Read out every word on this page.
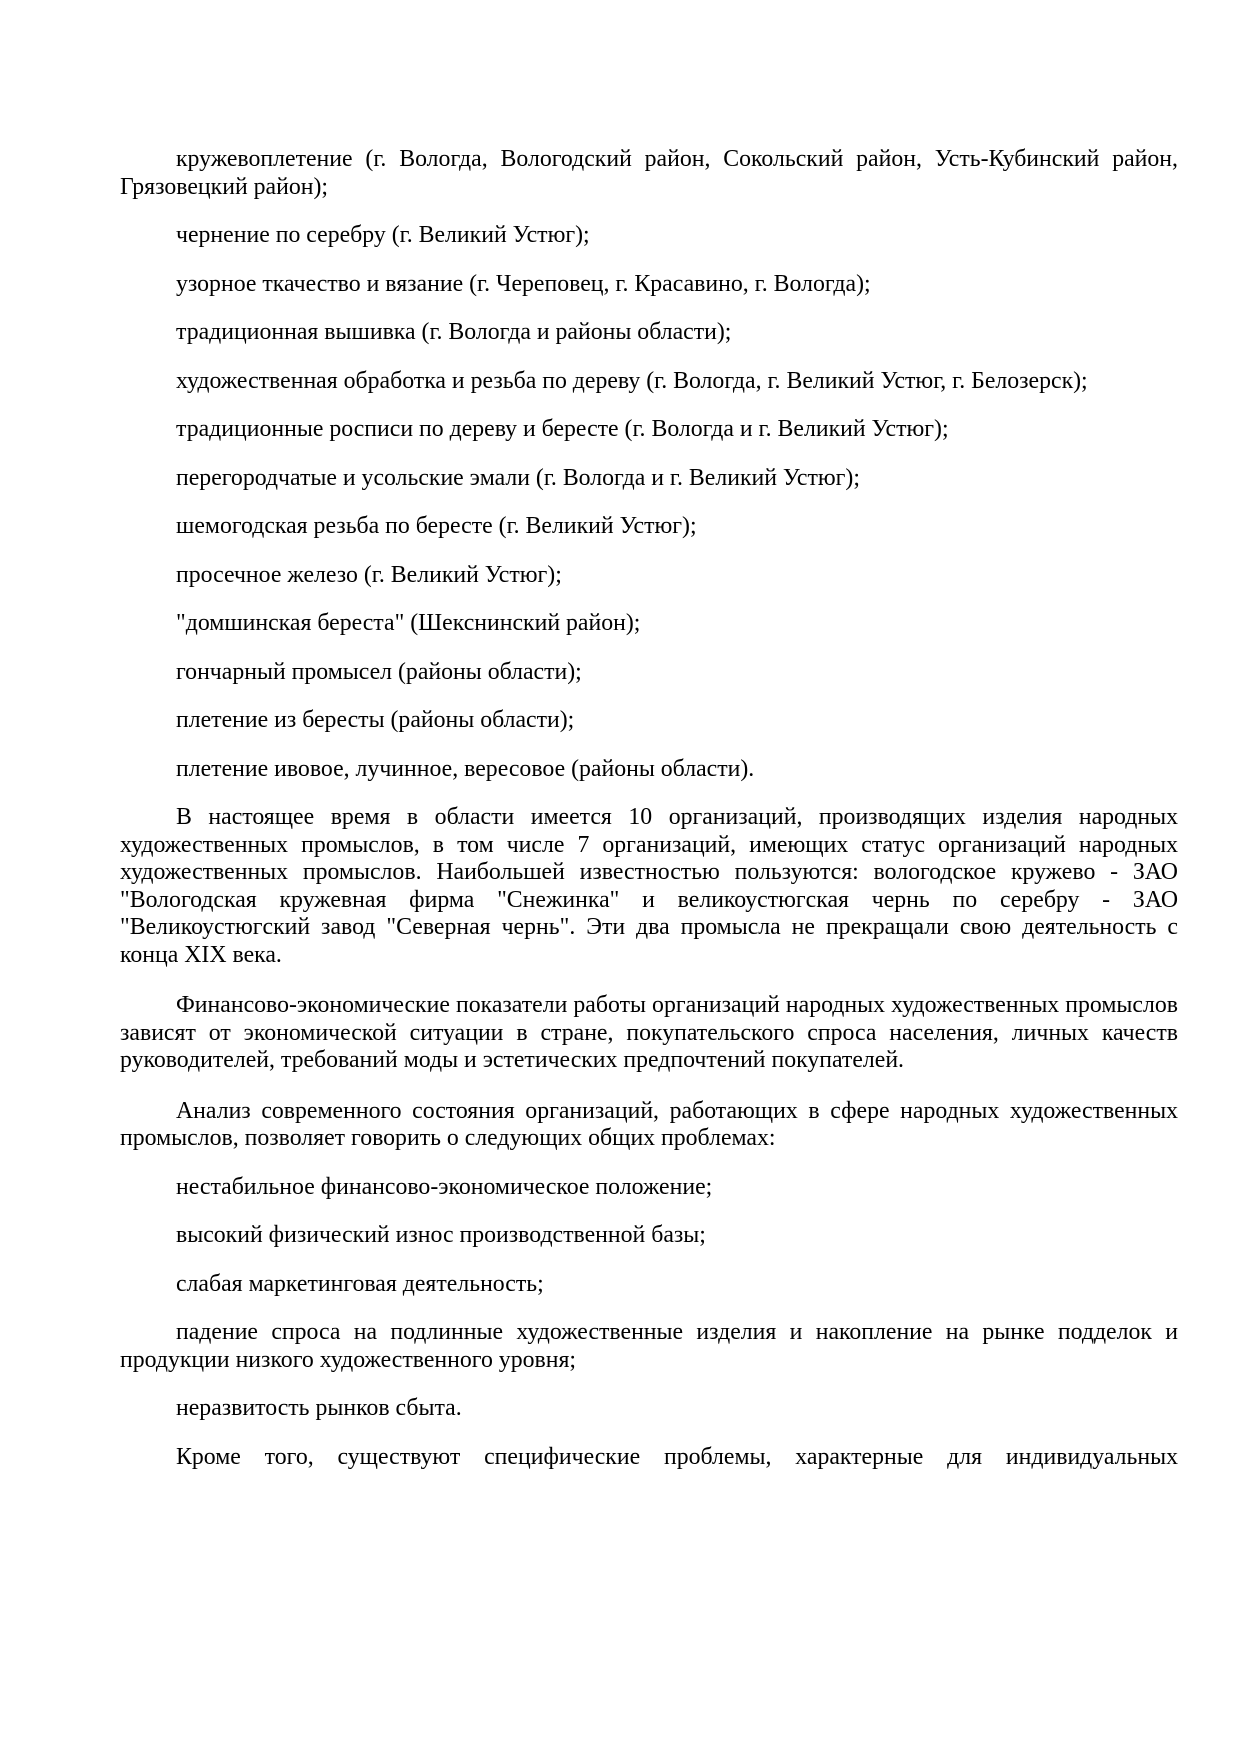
кружевоплетение (г. Вологда, Вологодский район, Сокольский район, Усть-Кубинский район, Грязовецкий район);

чернение по серебру (г. Великий Устюг);

узорное ткачество и вязание (г. Череповец, г. Красавино, г. Вологда);

традиционная вышивка (г. Вологда и районы области);

художественная обработка и резьба по дереву (г. Вологда, г. Великий Устюг, г. Белозерск);

традиционные росписи по дереву и бересте (г. Вологда и г. Великий Устюг);

перегородчатые и усольские эмали (г. Вологда и г. Великий Устюг);

шемогодская резьба по бересте (г. Великий Устюг);

просечное железо (г. Великий Устюг);

"домшинская береста" (Шекснинский район);

гончарный промысел (районы области);

плетение из бересты (районы области);

плетение ивовое, лучинное, вересовое (районы области).

В настоящее время в области имеется 10 организаций, производящих изделия народных художественных промыслов, в том числе 7 организаций, имеющих статус организаций народных художественных промыслов. Наибольшей известностью пользуются: вологодское кружево - ЗАО "Вологодская кружевная фирма "Снежинка" и великоустюгская чернь по серебру - ЗАО "Великоустюгский завод "Северная чернь". Эти два промысла не прекращали свою деятельность с конца XIX века.

Финансово-экономические показатели работы организаций народных художественных промыслов зависят от экономической ситуации в стране, покупательского спроса населения, личных качеств руководителей, требований моды и эстетических предпочтений покупателей.

Анализ современного состояния организаций, работающих в сфере народных художественных промыслов, позволяет говорить о следующих общих проблемах:

нестабильное финансово-экономическое положение;

высокий физический износ производственной базы;

слабая маркетинговая деятельность;

падение спроса на подлинные художественные изделия и накопление на рынке подделок и продукции низкого художественного уровня;

неразвитость рынков сбыта.

Кроме того, существуют специфические проблемы, характерные для индивидуальных
